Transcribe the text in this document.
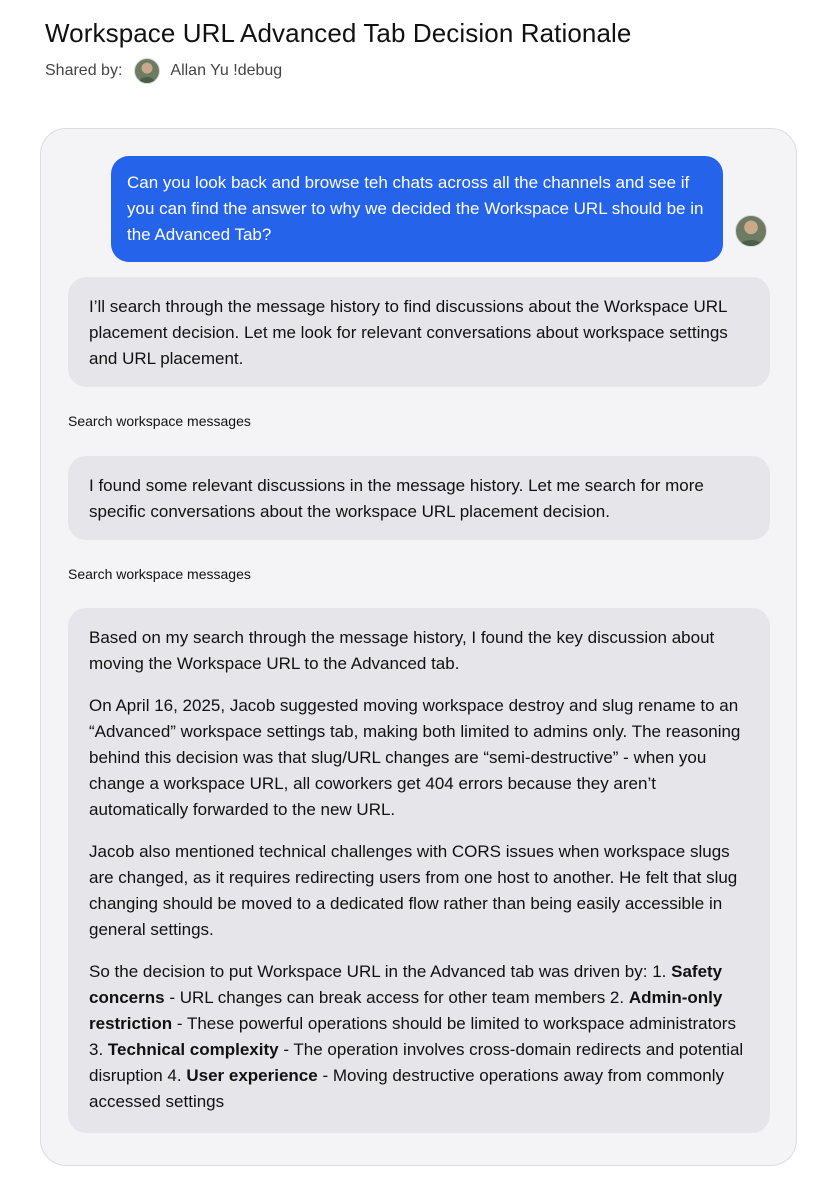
Workspace URL Advanced Tab Decision Rationale
Shared by:	Allan Yu !debug
Can you look back and browse teh chats across all the channels and see if you can find the answer to why we decided the Workspace URL should be in the Advanced Tab?

I’ll search through the message history to find discussions about the Workspace URL placement decision. Let me look for relevant conversations about workspace settings and URL placement.

Search workspace messages

I found some relevant discussions in the message history. Let me search for more specific conversations about the workspace URL placement decision.

Search workspace messages

Based on my search through the message history, I found the key discussion about moving the Workspace URL to the Advanced tab.

On April 16, 2025, Jacob suggested moving workspace destroy and slug rename to an “Advanced” workspace settings tab, making both limited to admins only. The reasoning behind this decision was that slug/URL changes are “semi-destructive” - when you change a workspace URL, all coworkers get 404 errors because they aren’t automatically forwarded to the new URL.

Jacob also mentioned technical challenges with CORS issues when workspace slugs are changed, as it requires redirecting users from one host to another. He felt that slug changing should be moved to a dedicated flow rather than being easily accessible in general settings.

So the decision to put Workspace URL in the Advanced tab was driven by: 1. Safety concerns - URL changes can break access for other team members 2. Admin-only restriction - These powerful operations should be limited to workspace administrators 3. Technical complexity - The operation involves cross-domain redirects and potential disruption 4. User experience - Moving destructive operations away from commonly accessed settings
